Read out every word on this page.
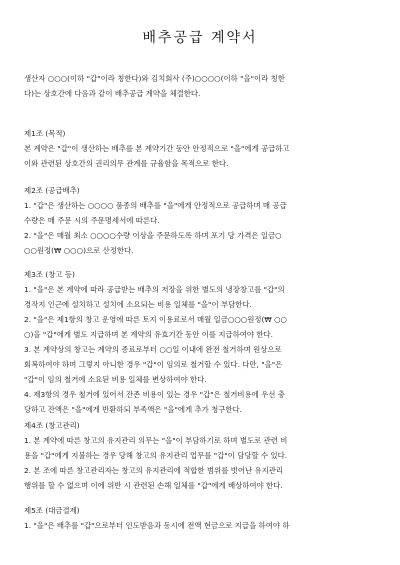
배추공급 계약서
생산자 ○○○(이하 "갑"이라 칭한다)와 김치회사 (주)○○○○(이하 "을"이라 칭한
다)는 상호간에 다음과 같이 배추공급 계약을 체결한다.
제1조 (목적)
본 계약은 "갑"이 생산하는 배추를 본 계약기간 동안 안정적으로 "을"에게 공급하고
이와 관련된 상호간의 권리의무 관계를 규율함을 목적으로 한다.
제2조 (공급배추)
1. "갑"은 생산하는 ○○○○ 품종의 배추를 "을"에게 안정적으로 공급하며 매 공급
수량은 매 주문 시의 주문명세서에 따른다.
2. "을"은 매월 최소 ○○○○수량 이상을 주문하도록 하며 포기 당 가격은 일금○
○○원정(₩ ○○○)으로 산정한다.
제3조 (창고 등)
1. "을"은 본 계약에 따라 공급받는 배추의 저장을 위한 별도의 냉장창고를 "갑"의
경작지 인근에 설치하고 설치에 소요되는 비용 일체를 "을"이 부담한다.
2. "을"은 제1항의 창고 운영에 따른 토지 이용료로서 매월 일금○○○원정(₩ ○○
○)을 "갑"에게 별도 지급하며 본 계약의 유효기간 동안 이를 지급하여야 한다.
3. 본 계약상의 창고는 계약의 종료로부터 ○○일 이내에 완전 철거하며 원상으로
회복하여야 하며 그렇지 아니한 경우 "갑"이 임의로 철거할 수 있다. 다만, "을"은
"갑"이 임의 철거에 소요된 비용 일체를 변상하여야 한다.
4. 제3항의 경우 철거에 있어서 잔존 비용이 있는 경우 "갑"은 철거비용에 우선 충
당하고 잔액은 "을"에게 반환하되 부족액은 "을"에게 추가 청구한다.
제4조 (창고관리)
1. 본 계약에 따른 창고의 유지관리 의무는 "을"이 부담하기로 하며 별도로 관련 비
용을 "갑"에게 지불하는 경우 당해 창고의 유지관리 업무를 "갑"이 담당할 수 있다.
2. 본 조에 따른 창고관리자는 창고의 유지관리에 적합한 범위를 벗어난 유지관리
행위를 할 수 없으며 이에 위반 시 관련된 손해 일체를 "갑"에게 배상하여야 한다.
제5조 (대금결제)
1. "을"은 배추를 "갑"으로부터 인도받음과 동시에 전액 현금으로 지급을 하여야 하
